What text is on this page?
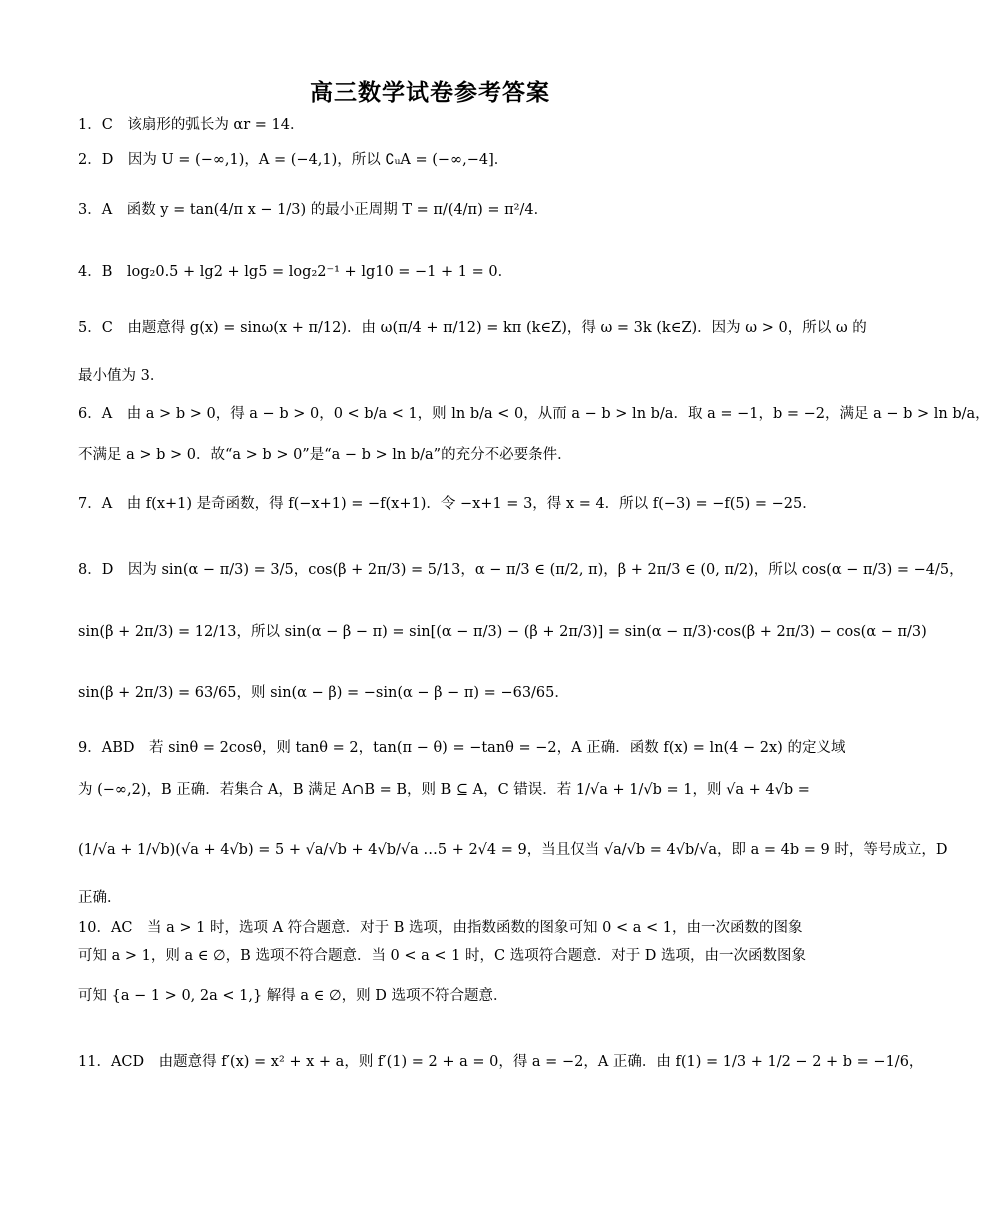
高三数学试卷参考答案
1．C　该扇形的弧长为 αr = 14．
2．D　因为 U = (−∞,1)，A = (−4,1)，所以 ∁ᵤA = (−∞,−4]．
3．A　函数 y = tan(4/π x − 1/3) 的最小正周期 T = π/(4/π) = π²/4．
4．B　log₂0.5 + lg2 + lg5 = log₂2⁻¹ + lg10 = −1 + 1 = 0．
5．C　由题意得 g(x) = sinω(x + π/12)．由 ω(π/4 + π/12) = kπ (k∈Z)，得 ω = 3k (k∈Z)．因为 ω > 0，所以 ω 的
最小值为 3．
6．A　由 a > b > 0，得 a − b > 0，0 < b/a < 1，则 ln b/a < 0，从而 a − b > ln b/a．取 a = −1，b = −2，满足 a − b > ln b/a，
不满足 a > b > 0．故“a > b > 0”是“a − b > ln b/a”的充分不必要条件．
7．A　由 f(x+1) 是奇函数，得 f(−x+1) = −f(x+1)．令 −x+1 = 3，得 x = 4．所以 f(−3) = −f(5) = −25．
8．D　因为 sin(α − π/3) = 3/5，cos(β + 2π/3) = 5/13，α − π/3 ∈ (π/2, π)，β + 2π/3 ∈ (0, π/2)，所以 cos(α − π/3) = −4/5，
sin(β + 2π/3) = 12/13，所以 sin(α − β − π) = sin[(α − π/3) − (β + 2π/3)] = sin(α − π/3)·cos(β + 2π/3) − cos(α − π/3)
sin(β + 2π/3) = 63/65，则 sin(α − β) = −sin(α − β − π) = −63/65．
9．ABD　若 sinθ = 2cosθ，则 tanθ = 2，tan(π − θ) = −tanθ = −2，A 正确．函数 f(x) = ln(4 − 2x) 的定义域
为 (−∞,2)，B 正确．若集合 A，B 满足 A∩B = B，则 B ⊆ A，C 错误．若 1/√a + 1/√b = 1，则 √a + 4√b =
(1/√a + 1/√b)(√a + 4√b) = 5 + √a/√b + 4√b/√a …5 + 2√4 = 9，当且仅当 √a/√b = 4√b/√a，即 a = 4b = 9 时，等号成立，D
正确．
10．AC　当 a > 1 时，选项 A 符合题意．对于 B 选项，由指数函数的图象可知 0 < a < 1，由一次函数的图象
可知 a > 1，则 a ∈ ∅，B 选项不符合题意．当 0 < a < 1 时，C 选项符合题意．对于 D 选项，由一次函数图象
可知 {a − 1 > 0, 2a < 1,} 解得 a ∈ ∅，则 D 选项不符合题意．
11．ACD　由题意得 f′(x) = x² + x + a，则 f′(1) = 2 + a = 0，得 a = −2，A 正确．由 f(1) = 1/3 + 1/2 − 2 + b = −1/6，
